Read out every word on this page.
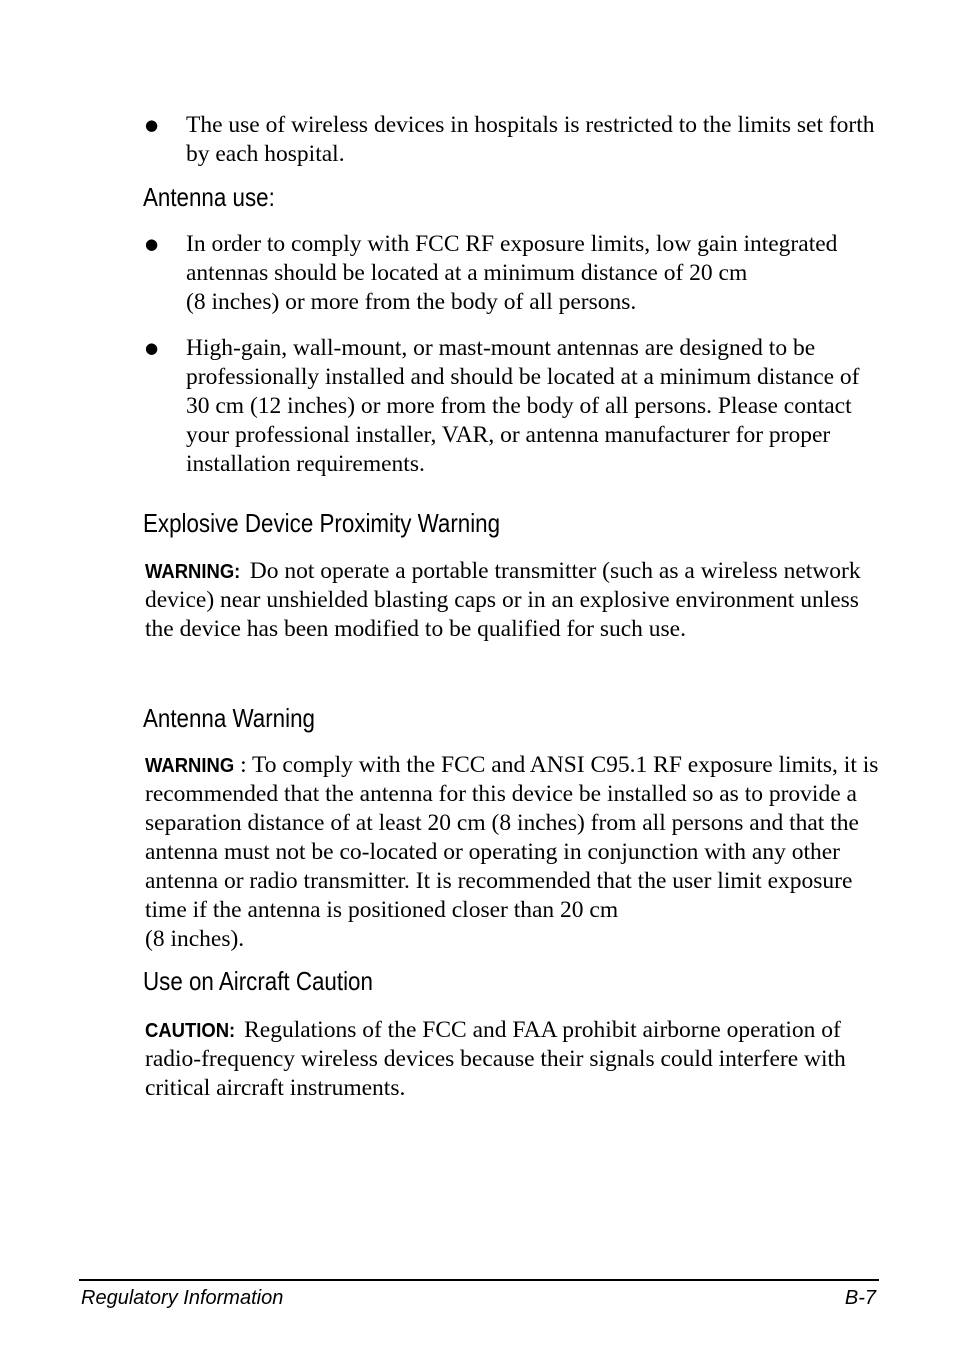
● The use of wireless devices in hospitals is restricted to the limits set forth by each hospital.
Antenna use:
● In order to comply with FCC RF exposure limits, low gain integrated antennas should be located at a minimum distance of 20 cm
(8 inches) or more from the body of all persons.
● High-gain, wall-mount, or mast-mount antennas are designed to be professionally installed and should be located at a minimum distance of 30 cm (12 inches) or more from the body of all persons. Please contact your professional installer, VAR, or antenna manufacturer for proper installation requirements.
Explosive Device Proximity Warning
WARNING: Do not operate a portable transmitter (such as a wireless network device) near unshielded blasting caps or in an explosive environment unless the device has been modified to be qualified for such use.
Antenna Warning
WARNING : To comply with the FCC and ANSI C95.1 RF exposure limits, it is recommended that the antenna for this device be installed so as to provide a separation distance of at least 20 cm (8 inches) from all persons and that the antenna must not be co-located or operating in conjunction with any other antenna or radio transmitter. It is recommended that the user limit exposure time if the antenna is positioned closer than 20 cm
(8 inches).
Use on Aircraft Caution
CAUTION: Regulations of the FCC and FAA prohibit airborne operation of radio-frequency wireless devices because their signals could interfere with critical aircraft instruments.
Regulatory Information	B-7
